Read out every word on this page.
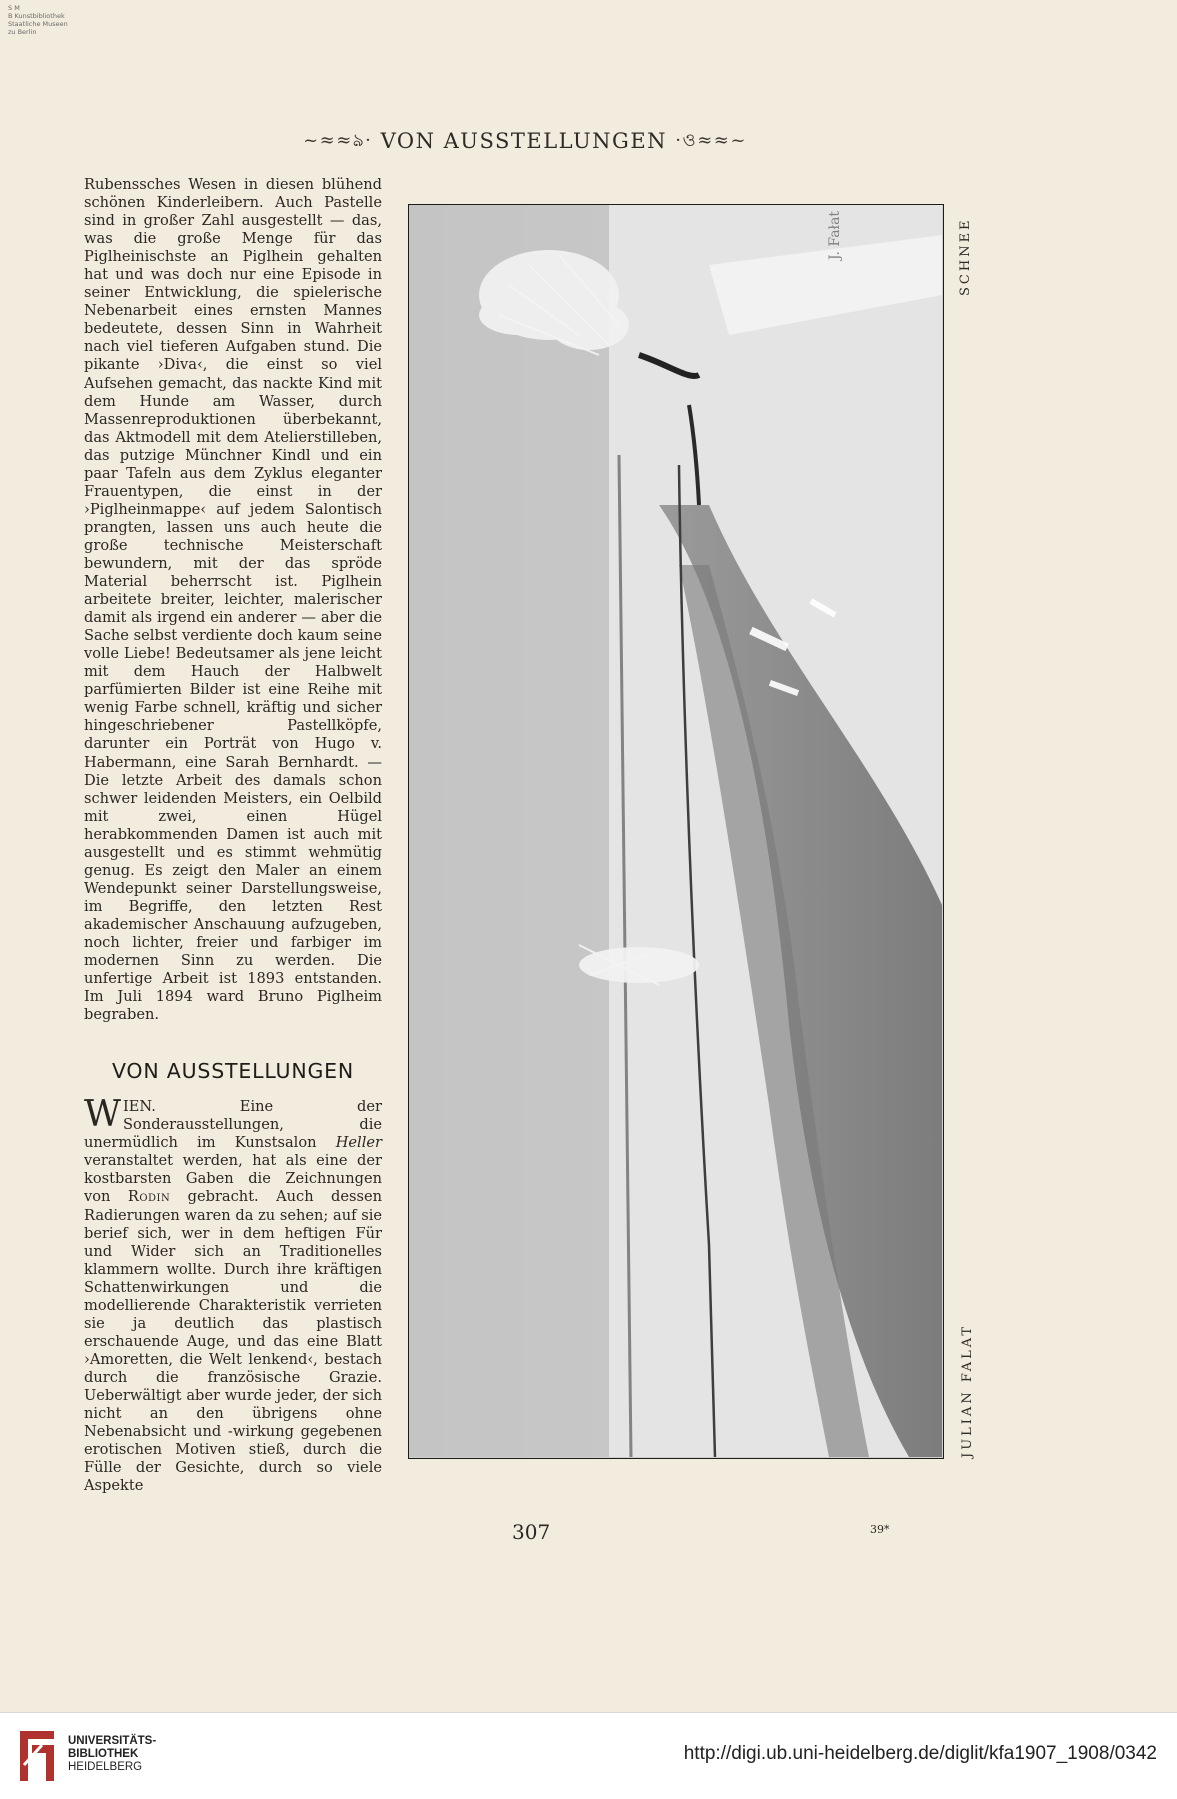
S M
B Kunstbibliothek
Staatliche Museen
zu Berlin
~≈≈ঌ· VON AUSSTELLUNGEN ·ও≈≈~

Rubenssches Wesen in diesen blühend schönen Kinderleibern. Auch Pastelle sind in großer Zahl ausgestellt — das, was die große Menge für das Piglheinischste an Piglhein gehalten hat und was doch nur eine Episode in seiner Entwicklung, die spielerische Nebenarbeit eines ernsten Mannes bedeutete, dessen Sinn in Wahrheit nach viel tieferen Aufgaben stund. Die pikante ›Diva‹, die einst so viel Aufsehen gemacht, das nackte Kind mit dem Hunde am Wasser, durch Massenreproduktionen überbekannt, das Aktmodell mit dem Atelierstilleben, das putzige Münchner Kindl und ein paar Tafeln aus dem Zyklus eleganter Frauentypen, die einst in der ›Piglheinmappe‹ auf jedem Salontisch prangten, lassen uns auch heute die große technische Meisterschaft bewundern, mit der das spröde Material beherrscht ist. Piglhein arbeitete breiter, leichter, malerischer damit als irgend ein anderer — aber die Sache selbst verdiente doch kaum seine volle Liebe! Bedeutsamer als jene leicht mit dem Hauch der Halbwelt parfümierten Bilder ist eine Reihe mit wenig Farbe schnell, kräftig und sicher hingeschriebener Pastellköpfe, darunter ein Porträt von Hugo v. Habermann, eine Sarah Bernhardt. — Die letzte Arbeit des damals schon schwer leidenden Meisters, ein Oelbild mit zwei, einen Hügel herabkommenden Damen ist auch mit ausgestellt und es stimmt wehmütig genug. Es zeigt den Maler an einem Wendepunkt seiner Darstellungsweise, im Begriffe, den letzten Rest akademischer Anschauung aufzugeben, noch lichter, freier und farbiger im modernen Sinn zu werden. Die unfertige Arbeit ist 1893 entstanden. Im Juli 1894 ward Bruno Piglheim begraben.

VON AUSSTELLUNGEN

WIEN. Eine der Sonderausstellungen, die unermüdlich im Kunstsalon Heller veranstaltet werden, hat als eine der kostbarsten Gaben die Zeichnungen von Rodin gebracht. Auch dessen Radierungen waren da zu sehen; auf sie berief sich, wer in dem heftigen Für und Wider sich an Traditionelles klammern wollte. Durch ihre kräftigen Schattenwirkungen und die modellierende Charakteristik verrieten sie ja deutlich das plastisch erschauende Auge, und das eine Blatt ›Amoretten, die Welt lenkend‹, bestach durch die französische Grazie. Ueberwältigt aber wurde jeder, der sich nicht an den übrigens ohne Nebenabsicht und -wirkung gegebenen erotischen Motiven stieß, durch die Fülle der Gesichte, durch so viele Aspekte

J. Fałat	SCHNEE
JULIAN FALAT
307	39*
UNIVERSITÄTS-
BIBLIOTHEK
HEIDELBERG
http://digi.ub.uni-heidelberg.de/diglit/kfa1907_1908/0342
